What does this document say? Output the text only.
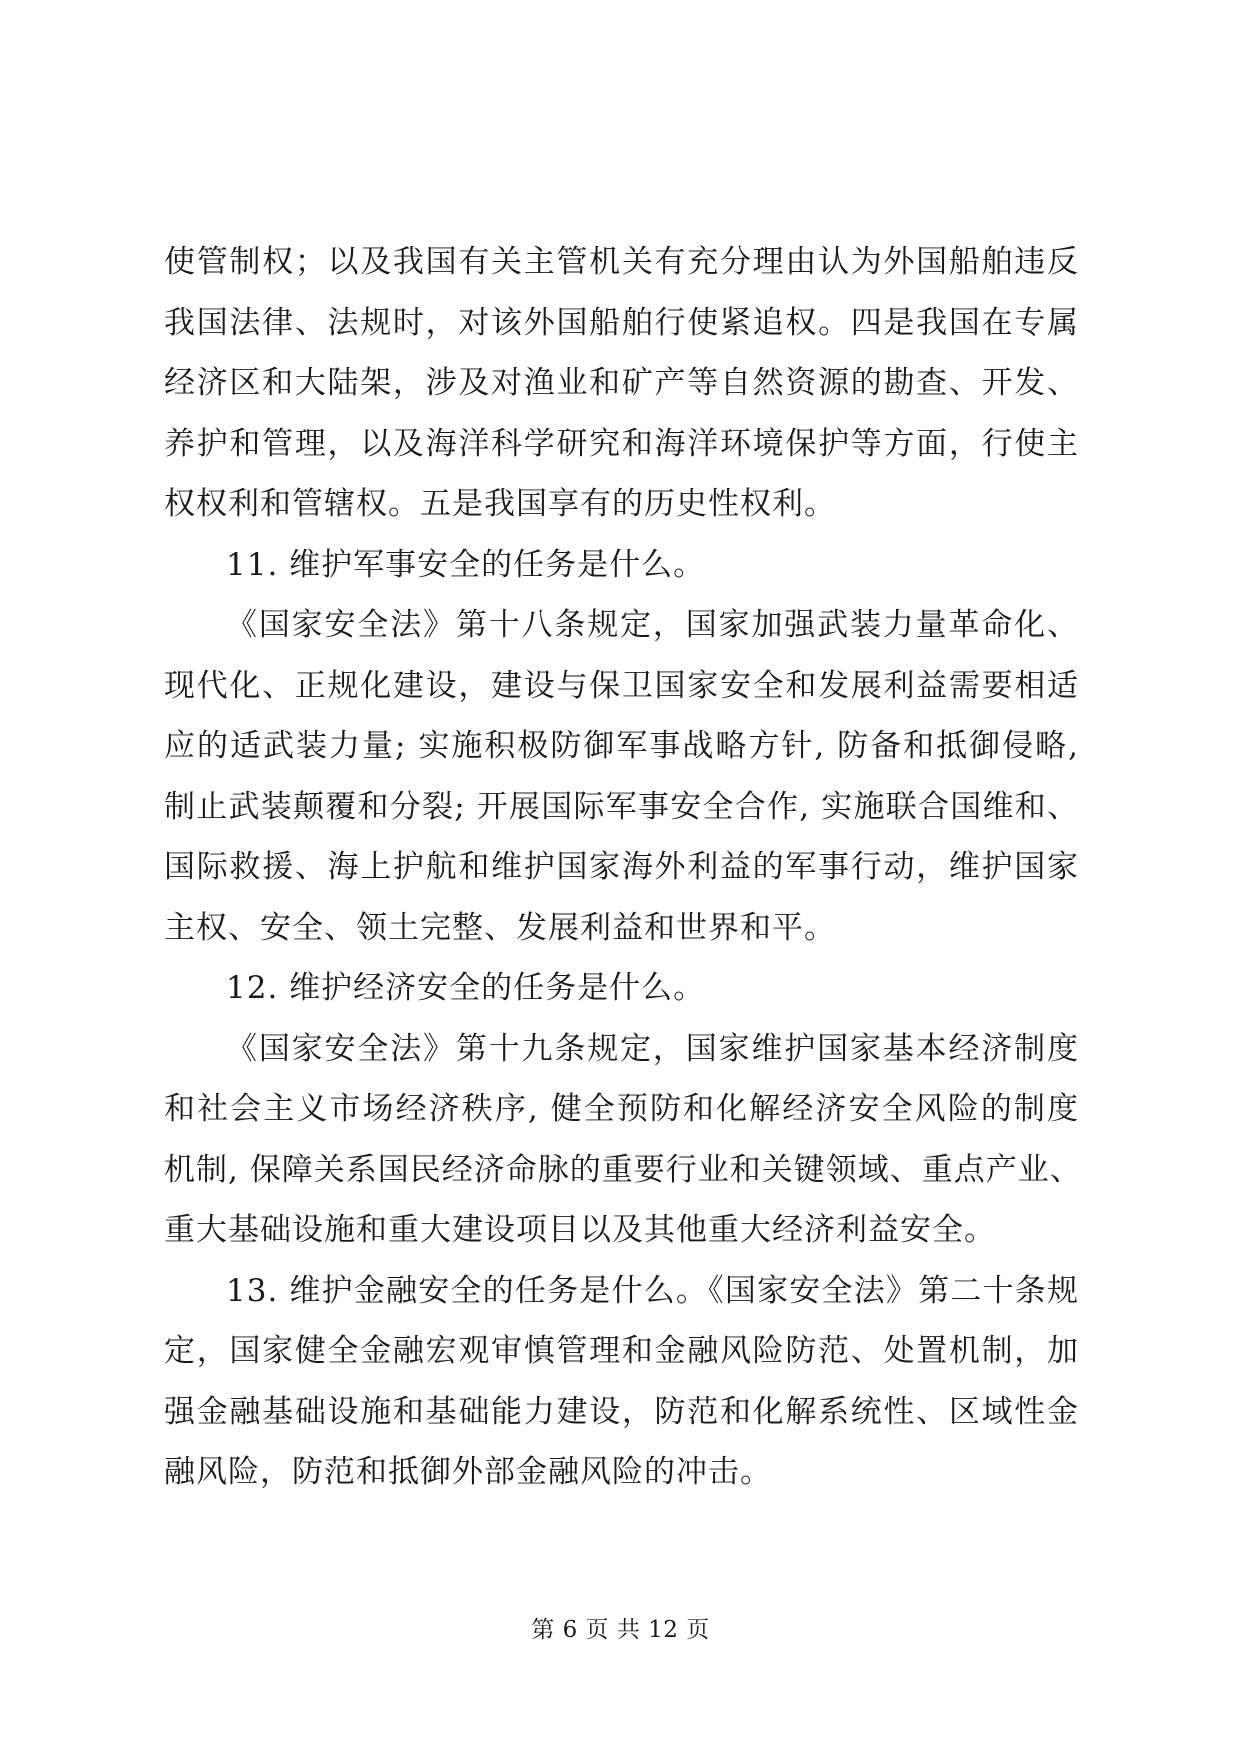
使管制权；以及我国有关主管机关有充分理由认为外国船舶违反
我国法律、法规时，对该外国船舶行使紧追权。四是我国在专属
经济区和大陆架，涉及对渔业和矿产等自然资源的勘查、开发、
养护和管理，以及海洋科学研究和海洋环境保护等方面，行使主
权权利和管辖权。五是我国享有的历史性权利。
11. 维护军事安全的任务是什么。
《国家安全法》第十八条规定，国家加强武装力量革命化、
现代化、正规化建设，建设与保卫国家安全和发展利益需要相适
应的适武装力量; 实施积极防御军事战略方针, 防备和抵御侵略,
制止武装颠覆和分裂; 开展国际军事安全合作, 实施联合国维和、
国际救援、海上护航和维护国家海外利益的军事行动，维护国家
主权、安全、领土完整、发展利益和世界和平。
12. 维护经济安全的任务是什么。
《国家安全法》第十九条规定，国家维护国家基本经济制度
和社会主义市场经济秩序, 健全预防和化解经济安全风险的制度
机制, 保障关系国民经济命脉的重要行业和关键领域、重点产业、
重大基础设施和重大建设项目以及其他重大经济利益安全。
13. 维护金融安全的任务是什么。《国家安全法》第二十条规
定，国家健全金融宏观审慎管理和金融风险防范、处置机制，加
强金融基础设施和基础能力建设，防范和化解系统性、区域性金
融风险，防范和抵御外部金融风险的冲击。
第 6 页 共 12 页
